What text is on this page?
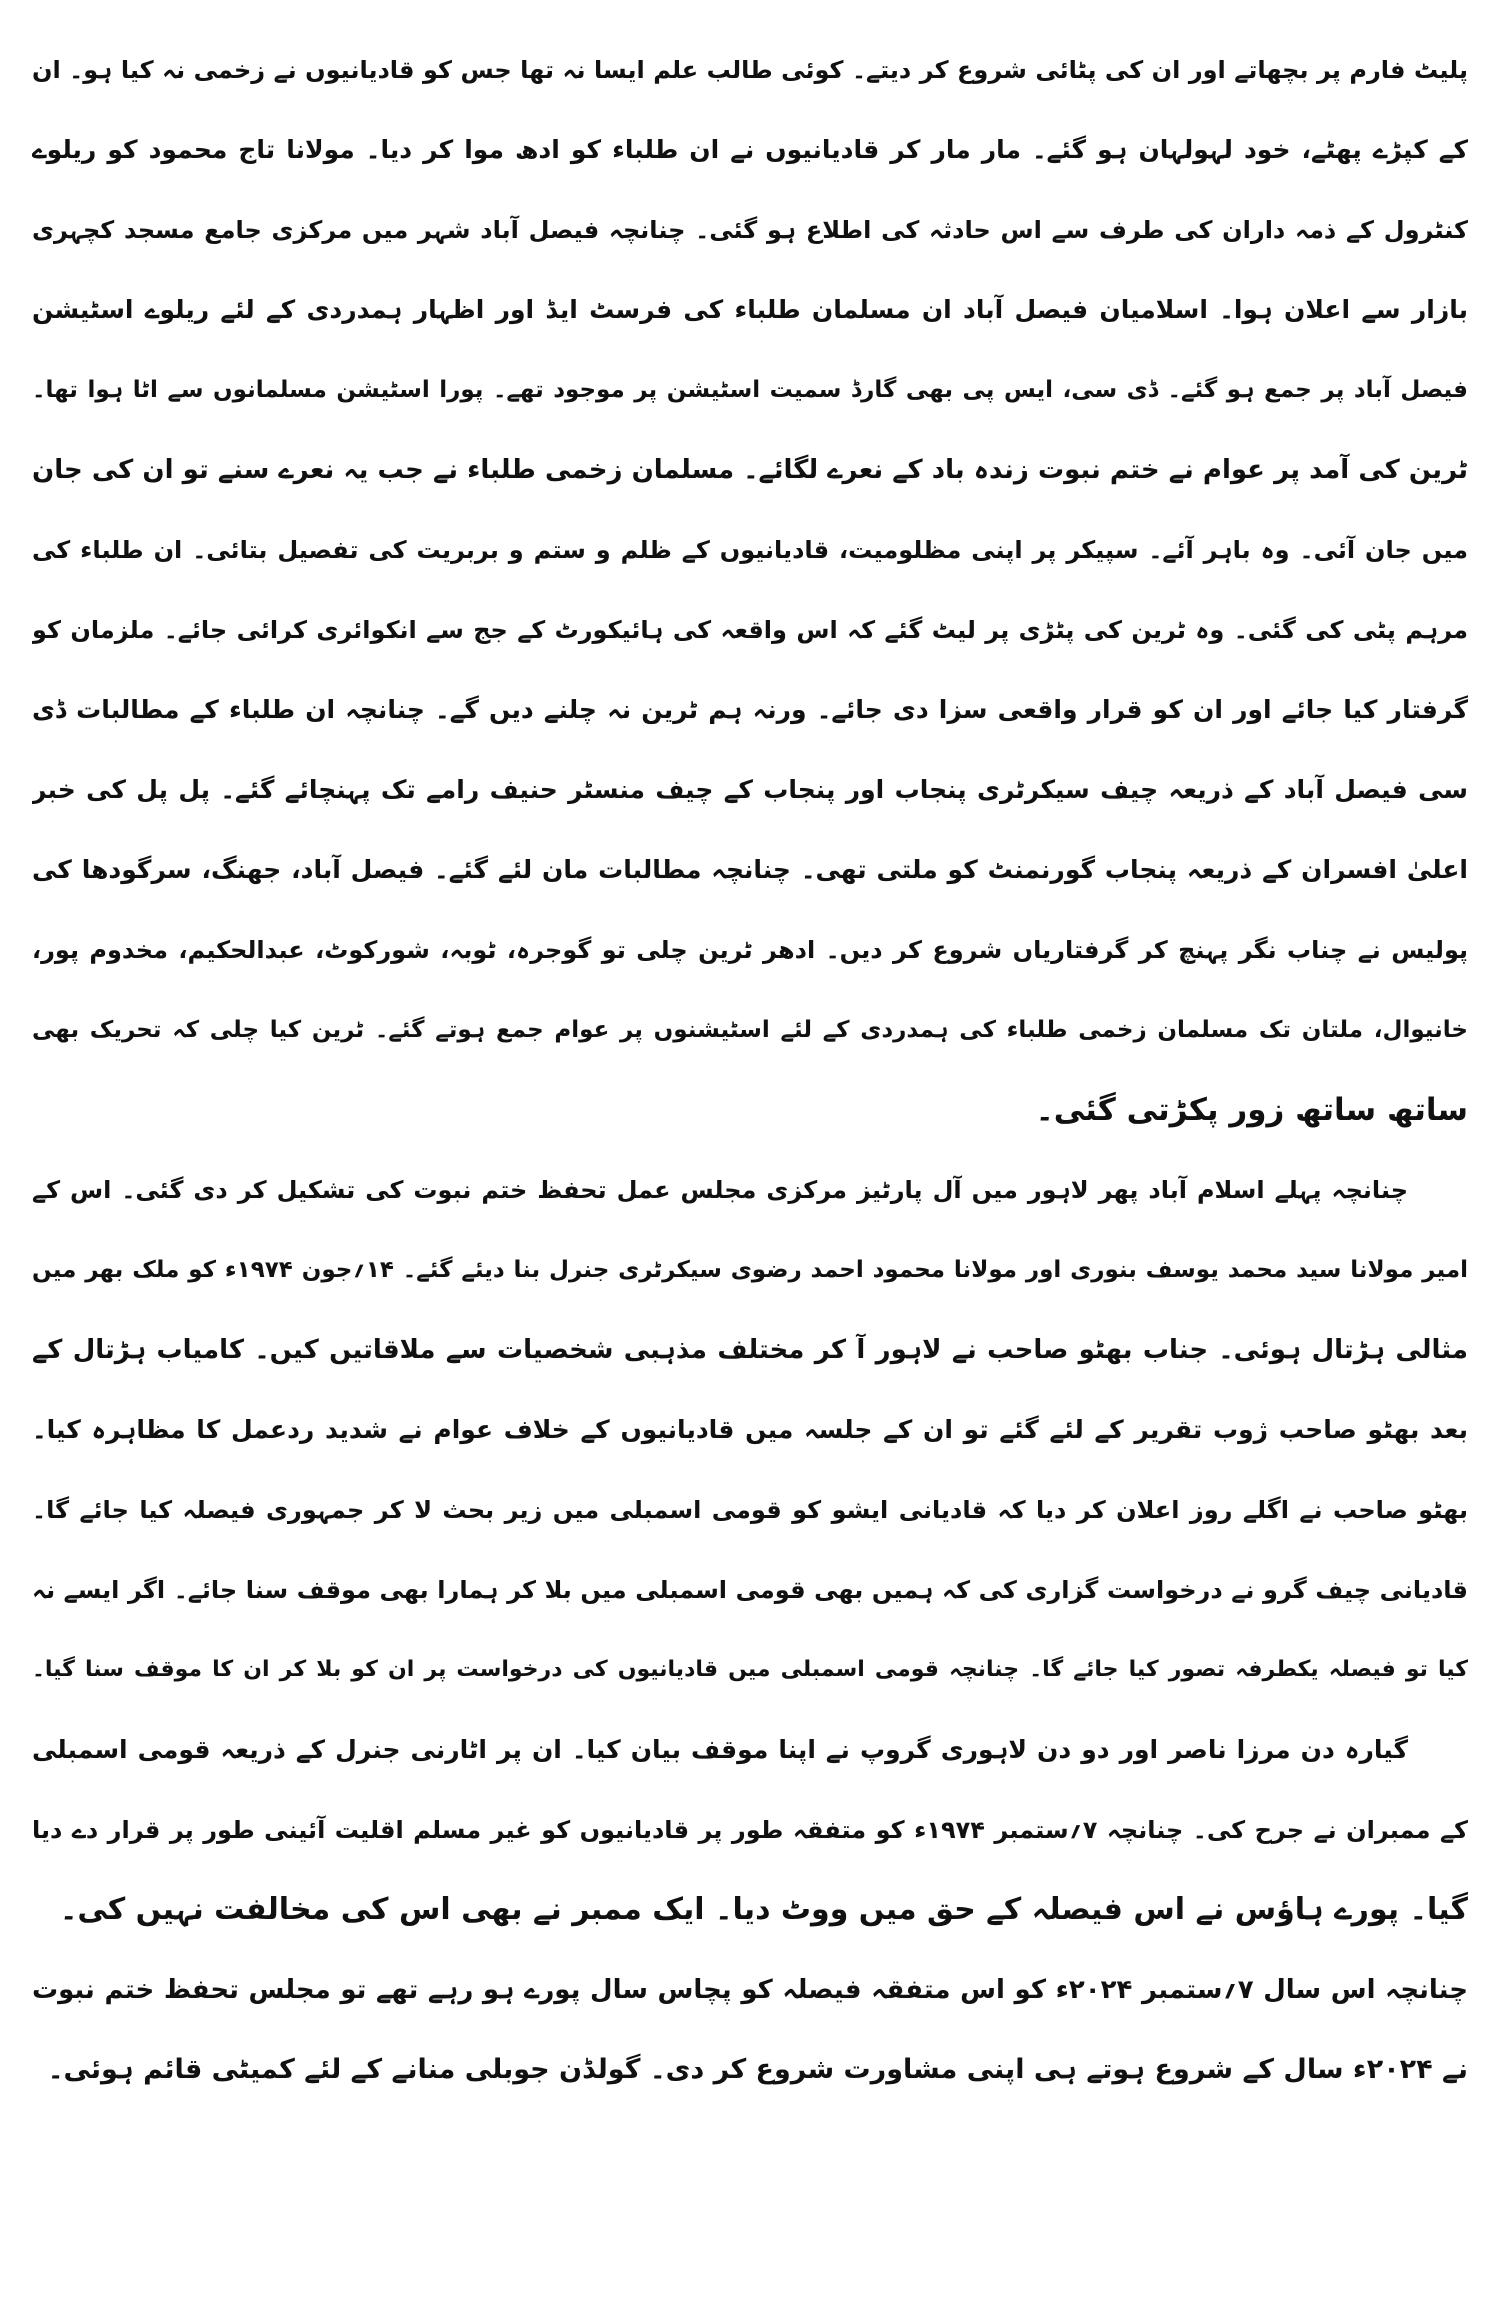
پلیٹ فارم پر بچھاتے اور ان کی پٹائی شروع کر دیتے۔ کوئی طالب علم ایسا نہ تھا جس کو قادیانیوں نے زخمی نہ کیا ہو۔ ان
کے کپڑے پھٹے، خود لہولہان ہو گئے۔ مار مار کر قادیانیوں نے ان طلباء کو ادھ موا کر دیا۔ مولانا تاج محمود کو ریلوے
کنٹرول کے ذمہ داران کی طرف سے اس حادثہ کی اطلاع ہو گئی۔ چنانچہ فیصل آباد شہر میں مرکزی جامع مسجد کچہری
بازار سے اعلان ہوا۔ اسلامیان فیصل آباد ان مسلمان طلباء کی فرسٹ ایڈ اور اظہار ہمدردی کے لئے ریلوے اسٹیشن
فیصل آباد پر جمع ہو گئے۔ ڈی سی، ایس پی بھی گارڈ سمیت اسٹیشن پر موجود تھے۔ پورا اسٹیشن مسلمانوں سے اٹا ہوا تھا۔
ٹرین کی آمد پر عوام نے ختم نبوت زندہ باد کے نعرے لگائے۔ مسلمان زخمی طلباء نے جب یہ نعرے سنے تو ان کی جان
میں جان آئی۔ وہ باہر آئے۔ سپیکر پر اپنی مظلومیت، قادیانیوں کے ظلم و ستم و بربریت کی تفصیل بتائی۔ ان طلباء کی
مرہم پٹی کی گئی۔ وہ ٹرین کی پٹڑی پر لیٹ گئے کہ اس واقعہ کی ہائیکورٹ کے جج سے انکوائری کرائی جائے۔ ملزمان کو
گرفتار کیا جائے اور ان کو قرار واقعی سزا دی جائے۔ ورنہ ہم ٹرین نہ چلنے دیں گے۔ چنانچہ ان طلباء کے مطالبات ڈی
سی فیصل آباد کے ذریعہ چیف سیکرٹری پنجاب اور پنجاب کے چیف منسٹر حنیف رامے تک پہنچائے گئے۔ پل پل کی خبر
اعلیٰ افسران کے ذریعہ پنجاب گورنمنٹ کو ملتی تھی۔ چنانچہ مطالبات مان لئے گئے۔ فیصل آباد، جھنگ، سرگودھا کی
پولیس نے چناب نگر پہنچ کر گرفتاریاں شروع کر دیں۔ ادھر ٹرین چلی تو گوجرہ، ٹوبہ، شورکوٹ، عبدالحکیم، مخدوم پور،
خانیوال، ملتان تک مسلمان زخمی طلباء کی ہمدردی کے لئے اسٹیشنوں پر عوام جمع ہوتے گئے۔ ٹرین کیا چلی کہ تحریک بھی
ساتھ ساتھ زور پکڑتی گئی۔
چنانچہ پہلے اسلام آباد پھر لاہور میں آل پارٹیز مرکزی مجلس عمل تحفظ ختم نبوت کی تشکیل کر دی گئی۔ اس کے
امیر مولانا سید محمد یوسف بنوری اور مولانا محمود احمد رضوی سیکرٹری جنرل بنا دیئے گئے۔ ۱۴؍جون ۱۹۷۴ء کو ملک بھر میں
مثالی ہڑتال ہوئی۔ جناب بھٹو صاحب نے لاہور آ کر مختلف مذہبی شخصیات سے ملاقاتیں کیں۔ کامیاب ہڑتال کے
بعد بھٹو صاحب ژوب تقریر کے لئے گئے تو ان کے جلسہ میں قادیانیوں کے خلاف عوام نے شدید ردعمل کا مظاہرہ کیا۔
بھٹو صاحب نے اگلے روز اعلان کر دیا کہ قادیانی ایشو کو قومی اسمبلی میں زیر بحث لا کر جمہوری فیصلہ کیا جائے گا۔
قادیانی چیف گرو نے درخواست گزاری کی کہ ہمیں بھی قومی اسمبلی میں بلا کر ہمارا بھی موقف سنا جائے۔ اگر ایسے نہ
کیا تو فیصلہ یکطرفہ تصور کیا جائے گا۔ چنانچہ قومی اسمبلی میں قادیانیوں کی درخواست پر ان کو بلا کر ان کا موقف سنا گیا۔
گیارہ دن مرزا ناصر اور دو دن لاہوری گروپ نے اپنا موقف بیان کیا۔ ان پر اٹارنی جنرل کے ذریعہ قومی اسمبلی
کے ممبران نے جرح کی۔ چنانچہ ۷؍ستمبر ۱۹۷۴ء کو متفقہ طور پر قادیانیوں کو غیر مسلم اقلیت آئینی طور پر قرار دے دیا
گیا۔ پورے ہاؤس نے اس فیصلہ کے حق میں ووٹ دیا۔ ایک ممبر نے بھی اس کی مخالفت نہیں کی۔
چنانچہ اس سال ۷؍ستمبر ۲۰۲۴ء کو اس متفقہ فیصلہ کو پچاس سال پورے ہو رہے تھے تو مجلس تحفظ ختم نبوت
نے ۲۰۲۴ء سال کے شروع ہوتے ہی اپنی مشاورت شروع کر دی۔ گولڈن جوبلی منانے کے لئے کمیٹی قائم ہوئی۔
